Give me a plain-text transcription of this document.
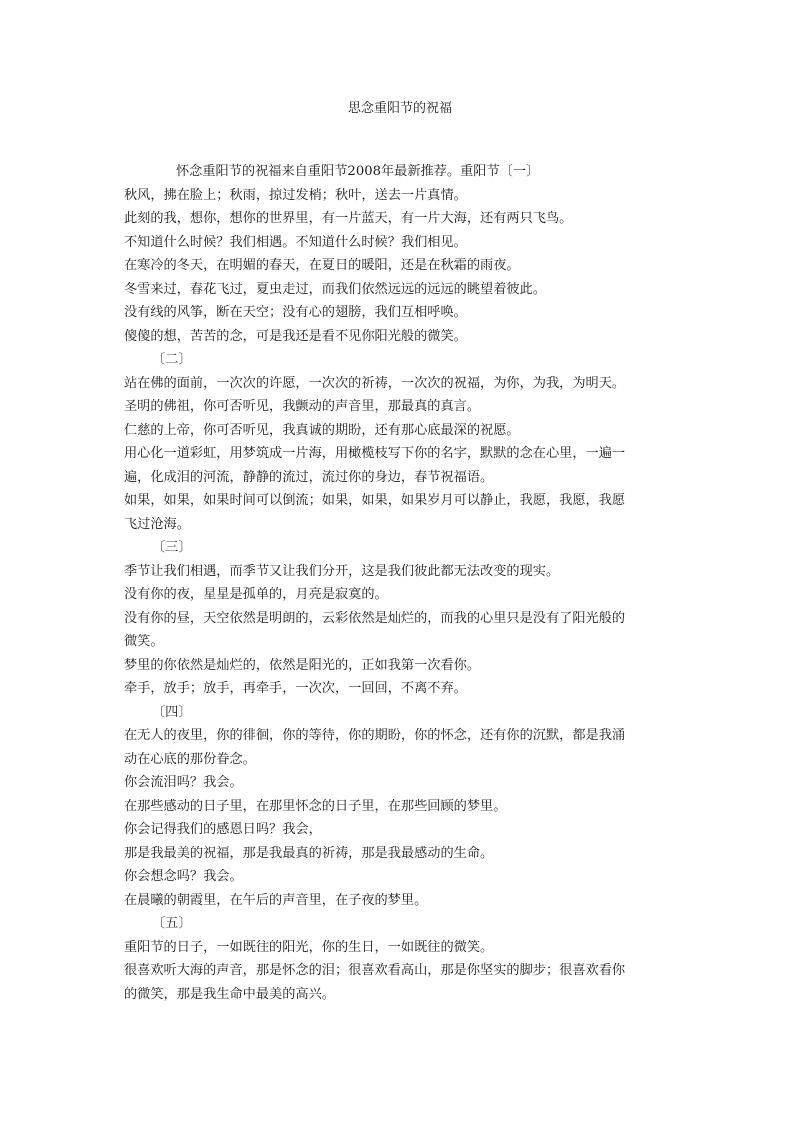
思念重阳节的祝福

怀念重阳节的祝福来自重阳节2008年最新推荐。重阳节〔一〕

秋风，拂在脸上；秋雨，掠过发梢；秋叶，送去一片真情。

此刻的我，想你，想你的世界里，有一片蓝天，有一片大海，还有两只飞鸟。

不知道什么时候？我们相遇。不知道什么时候？我们相见。

在寒冷的冬天，在明媚的春天，在夏日的暖阳，还是在秋霜的雨夜。

冬雪来过，春花飞过，夏虫走过，而我们依然远远的远远的眺望着彼此。

没有线的风筝，断在天空；没有心的翅膀，我们互相呼唤。

傻傻的想，苦苦的念，可是我还是看不见你阳光般的微笑。

〔二〕

站在佛的面前，一次次的许愿，一次次的祈祷，一次次的祝福，为你，为我，为明天。

圣明的佛祖，你可否听见，我颤动的声音里，那最真的真言。

仁慈的上帝，你可否听见，我真诚的期盼，还有那心底最深的祝愿。

用心化一道彩虹，用梦筑成一片海，用橄榄枝写下你的名字，默默的念在心里，一遍一

遍，化成泪的河流，静静的流过，流过你的身边，春节祝福语。

如果，如果，如果时间可以倒流；如果，如果，如果岁月可以静止，我愿，我愿，我愿

飞过沧海。

〔三〕

季节让我们相遇，而季节又让我们分开，这是我们彼此都无法改变的现实。

没有你的夜，星星是孤单的，月亮是寂寞的。

没有你的昼，天空依然是明朗的，云彩依然是灿烂的，而我的心里只是没有了阳光般的

微笑。

梦里的你依然是灿烂的，依然是阳光的，正如我第一次看你。

牵手，放手；放手，再牵手，一次次，一回回，不离不弃。

〔四〕

在无人的夜里，你的徘徊，你的等待，你的期盼，你的怀念，还有你的沉默，都是我涌

动在心底的那份眷念。

你会流泪吗？我会。

在那些感动的日子里，在那里怀念的日子里，在那些回顾的梦里。

你会记得我们的感恩日吗？我会，

那是我最美的祝福，那是我最真的祈祷，那是我最感动的生命。

你会想念吗？我会。

在晨曦的朝霞里，在午后的声音里，在子夜的梦里。

〔五〕

重阳节的日子，一如既往的阳光，你的生日，一如既往的微笑。

很喜欢听大海的声音，那是怀念的泪；很喜欢看高山，那是你坚实的脚步；很喜欢看你

的微笑，那是我生命中最美的高兴。
